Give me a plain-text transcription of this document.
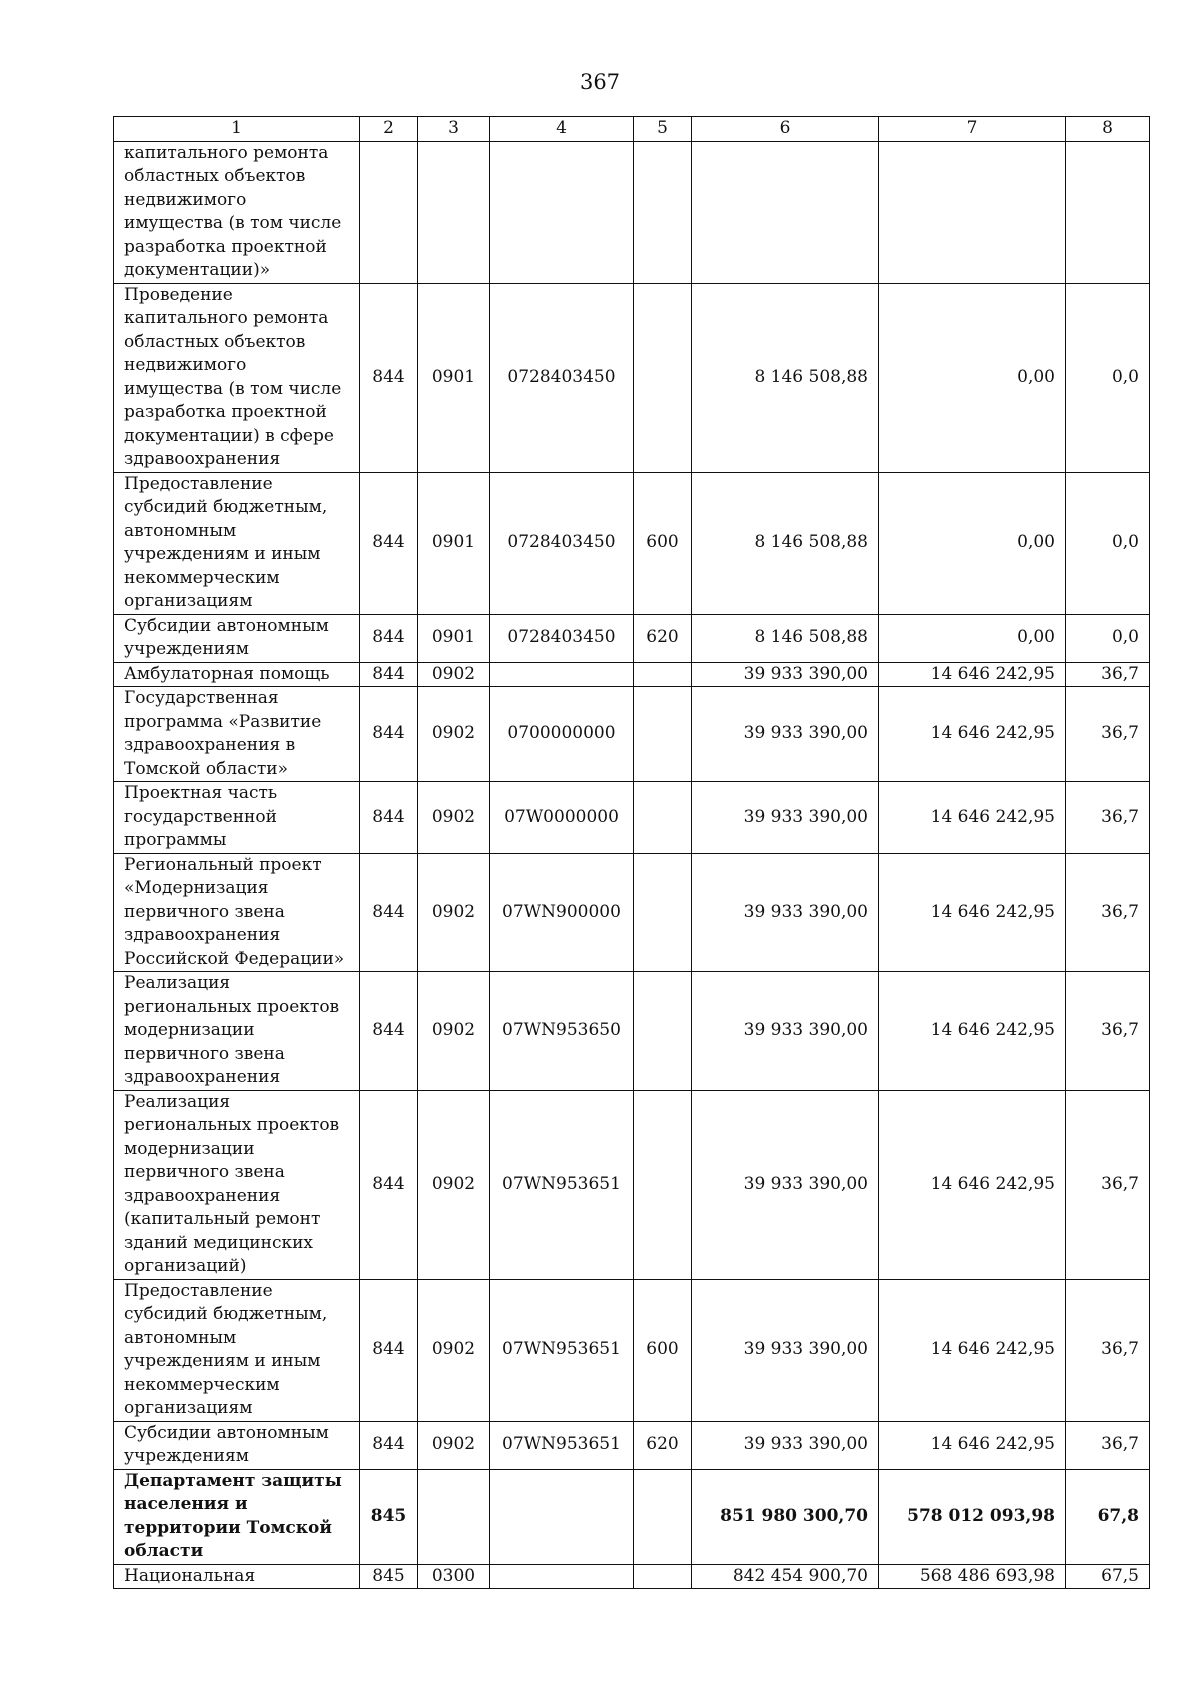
367
1	2	3	4	5	6	7	8
капитального ремонта областных объектов недвижимого имущества (в том числе разработка проектной документации)»							
Проведение капитального ремонта областных объектов недвижимого имущества (в том числе разработка проектной документации) в сфере здравоохранения	844	0901	0728403450		8 146 508,88	0,00	0,0
Предоставление субсидий бюджетным, автономным учреждениям и иным некоммерческим организациям	844	0901	0728403450	600	8 146 508,88	0,00	0,0
Субсидии автономным учреждениям	844	0901	0728403450	620	8 146 508,88	0,00	0,0
Амбулаторная помощь	844	0902			39 933 390,00	14 646 242,95	36,7
Государственная программа «Развитие здравоохранения в Томской области»	844	0902	0700000000		39 933 390,00	14 646 242,95	36,7
Проектная часть государственной программы	844	0902	07W0000000		39 933 390,00	14 646 242,95	36,7
Региональный проект «Модернизация первичного звена здравоохранения Российской Федерации»	844	0902	07WN900000		39 933 390,00	14 646 242,95	36,7
Реализация региональных проектов модернизации первичного звена здравоохранения	844	0902	07WN953650		39 933 390,00	14 646 242,95	36,7
Реализация региональных проектов модернизации первичного звена здравоохранения (капитальный ремонт зданий медицинских организаций)	844	0902	07WN953651		39 933 390,00	14 646 242,95	36,7
Предоставление субсидий бюджетным, автономным учреждениям и иным некоммерческим организациям	844	0902	07WN953651	600	39 933 390,00	14 646 242,95	36,7
Субсидии автономным учреждениям	844	0902	07WN953651	620	39 933 390,00	14 646 242,95	36,7
Департамент защиты населения и территории Томской области	845				851 980 300,70	578 012 093,98	67,8
Национальная	845	0300			842 454 900,70	568 486 693,98	67,5
